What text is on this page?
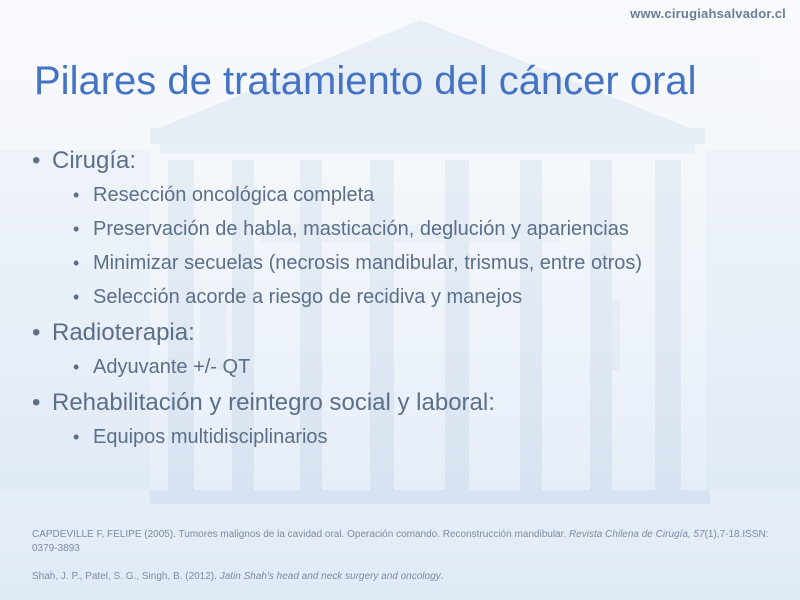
www.cirugiahsalvador.cl
Pilares de tratamiento del cáncer oral
• Cirugía:
• Resección oncológica completa
• Preservación de habla, masticación, deglución y apariencias
• Minimizar secuelas (necrosis mandibular, trismus, entre otros)
• Selección acorde a riesgo de recidiva y manejos
• Radioterapia:
• Adyuvante +/- QT
• Rehabilitación y reintegro social y laboral:
• Equipos multidisciplinarios
CAPDEVILLE F, FELIPE (2005). Tumores malignos de la cavidad oral. Operación comando. Reconstrucción mandibular. Revista Chilena de Cirugía, 57(1),7-18.ISSN: 0379-3893
Shah, J. P., Patel, S. G., Singh, B. (2012). Jatin Shah's head and neck surgery and oncology.
